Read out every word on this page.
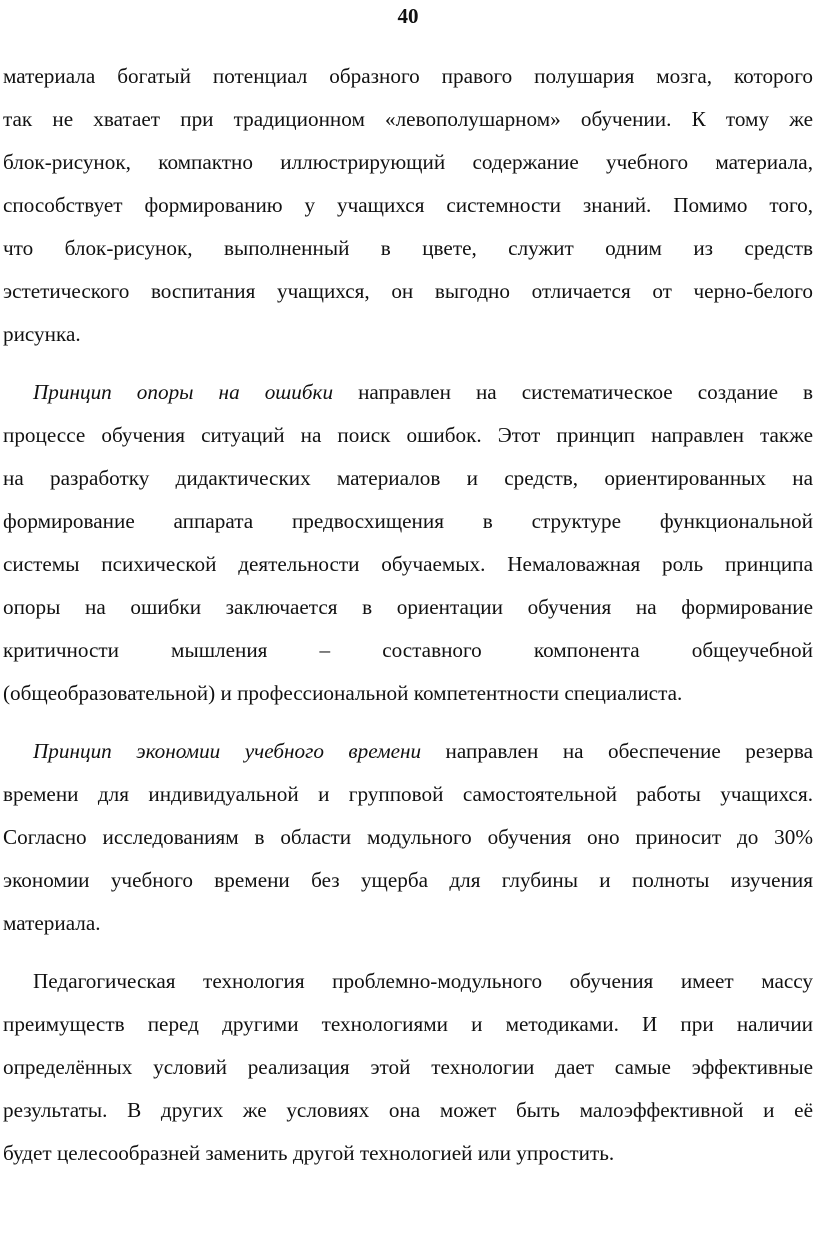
40
материала богатый потенциал образного правого полушария мозга, которого
так не хватает при традиционном «левополушарном» обучении. К тому же
блок-рисунок, компактно иллюстрирующий содержание учебного материала,
способствует формированию у учащихся системности знаний. Помимо того,
что блок-рисунок, выполненный в цвете, служит одним из средств
эстетического воспитания учащихся, он выгодно отличается от черно-белого
рисунка.
Принцип опоры на ошибки направлен на систематическое создание в
процессе обучения ситуаций на поиск ошибок. Этот принцип направлен также
на разработку дидактических материалов и средств, ориентированных на
формирование аппарата предвосхищения в структуре функциональной
системы психической деятельности обучаемых. Немаловажная роль принципа
опоры на ошибки заключается в ориентации обучения на формирование
критичности мышления – составного компонента общеучебной
(общеобразовательной) и профессиональной компетентности специалиста.
Принцип экономии учебного времени направлен на обеспечение резерва
времени для индивидуальной и групповой самостоятельной работы учащихся.
Согласно исследованиям в области модульного обучения оно приносит до 30%
экономии учебного времени без ущерба для глубины и полноты изучения
материала.
Педагогическая технология проблемно-модульного обучения имеет массу
преимуществ перед другими технологиями и методиками. И при наличии
определённых условий реализация этой технологии дает самые эффективные
результаты. В других же условиях она может быть малоэффективной и её
будет целесообразней заменить другой технологией или упростить.
